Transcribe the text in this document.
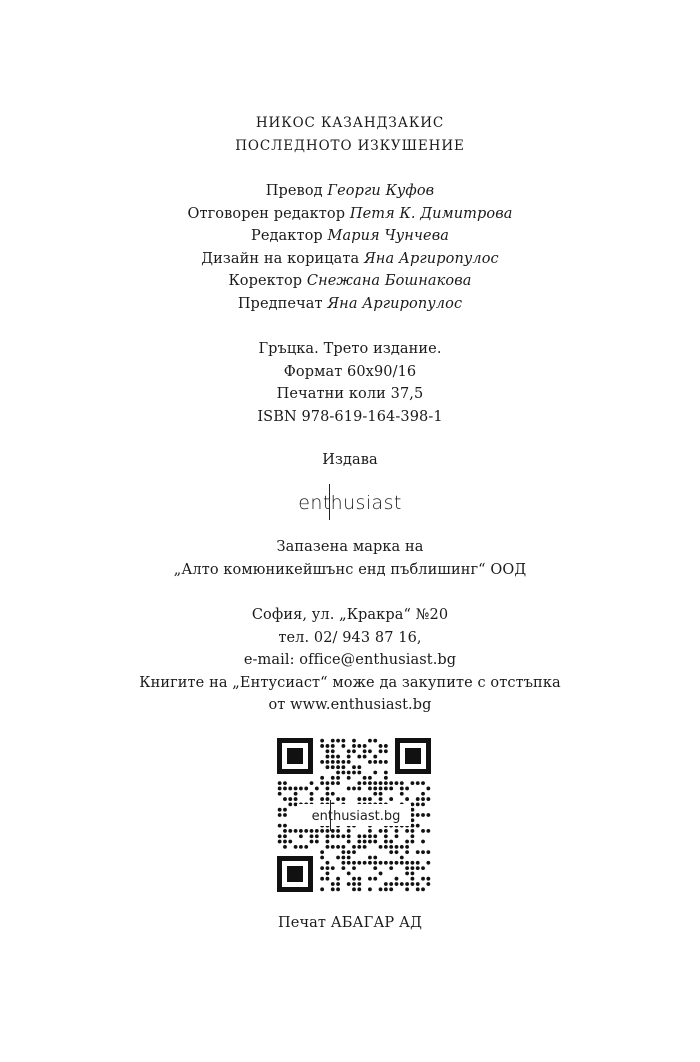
НИКОС КАЗАНДЗАКИС
ПОСЛЕДНОТО ИЗКУШЕНИЕ
Превод Георги Куфов
Отговорен редактор Петя К. Димитрова
Редактор Мария Чунчева
Дизайн на корицата Яна Аргиропулос
Коректор Снежана Бошнакова
Предпечат Яна Аргиропулос
Гръцка. Трето издание.
Формат 60x90/16
Печатни коли 37,5
ISBN 978-619-164-398-1
Издава
enthusiast
Запазена марка на
„Алто комюникейшънс енд пъблишинг“ ООД
София, ул. „Кракра“ №20
тел. 02/ 943 87 16,
e-mail: office@enthusiast.bg
Книгите на „Ентусиаст“ може да закупите с отстъпка
от www.enthusiast.bg
enthusiast.bg
Печат АБАГАР АД
